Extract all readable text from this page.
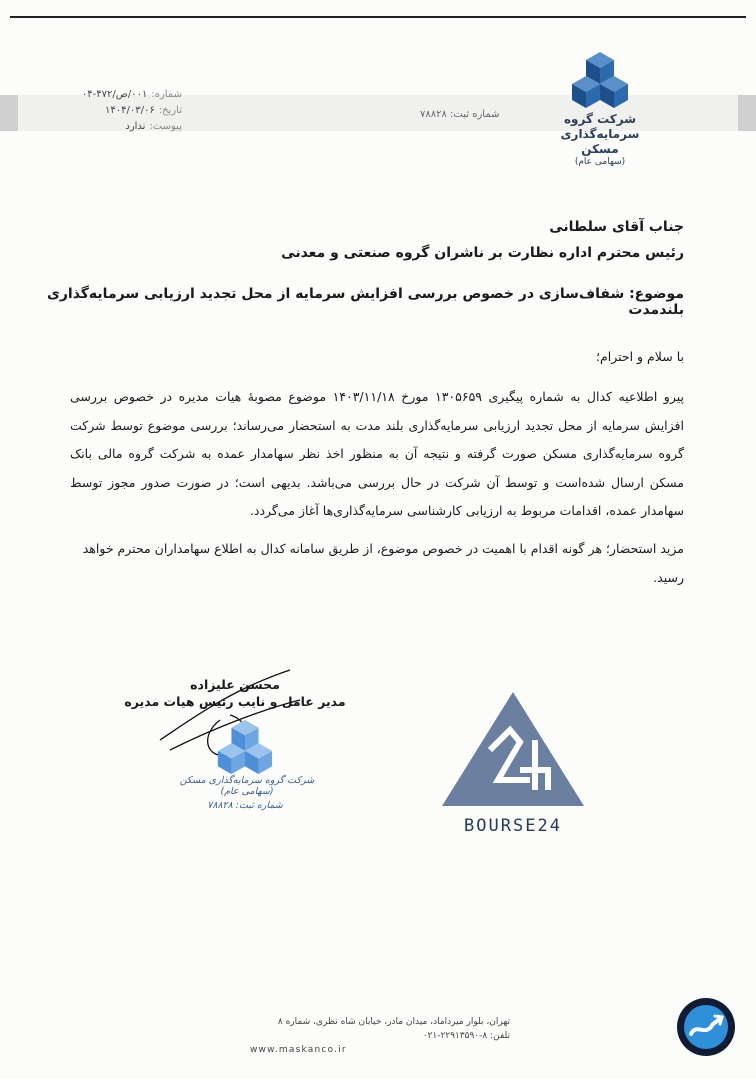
شرکت گروه
سرمایه‌گذاری
مسکن
(سهامی عام)
شماره ثبت: ۷۸۸۲۸
شماره:
۰۰۱/ص/۴۷۲-۰۴
تاریخ:
۱۴۰۴/۰۳/۰۶
پیوست:
ندارد
جناب آقای سلطانی
رئیس محترم اداره نظارت بر ناشران گروه صنعتی و معدنی
موضوع: شفاف‌سازی در خصوص بررسی افزایش سرمایه از محل تجدید ارزیابی سرمایه‌گذاری بلندمدت
با سلام و احترام؛
پیرو اطلاعیه کدال به شماره پیگیری ۱۳۰۵۶۵۹ مورخ ۱۴۰۳/۱۱/۱۸ موضوع مصوبهٔ هیات مدیره در خصوص بررسی افزایش سرمایه از محل تجدید ارزیابی سرمایه‌گذاری بلند مدت به استحضار می‌رساند؛ بررسی موضوع توسط شرکت گروه سرمایه‌گذاری مسکن صورت گرفته و نتیجه آن به منظور اخذ نظر سهامدار عمده به شرکت گروه مالی بانک مسکن ارسال شده‌است و توسط آن شرکت در حال بررسی می‌باشد. بدیهی است؛ در صورت صدور مجوز توسط سهامدار عمده، اقدامات مربوط به ارزیابی کارشناسی سرمایه‌گذاری‌ها آغاز می‌گردد.
مزید استحضار؛ هر گونه اقدام با اهمیت در خصوص موضوع، از طریق سامانه کدال به اطلاع سهامداران محترم خواهد رسید.
محسن علیزاده
مدیر عامل و نایب رئیس هیات مدیره
شرکت گروه سرمایه‌گذاری مسکن (سهامی عام)
شماره ثبت: ۷۸۸۲۸
BOURSE24
تهران، بلوار میرداماد، میدان مادر، خیابان شاه نظری، شماره ۸
تلفن: ۸-۲۲۹۱۳۵۹۰-۰۲۱
www.maskanco.ir
